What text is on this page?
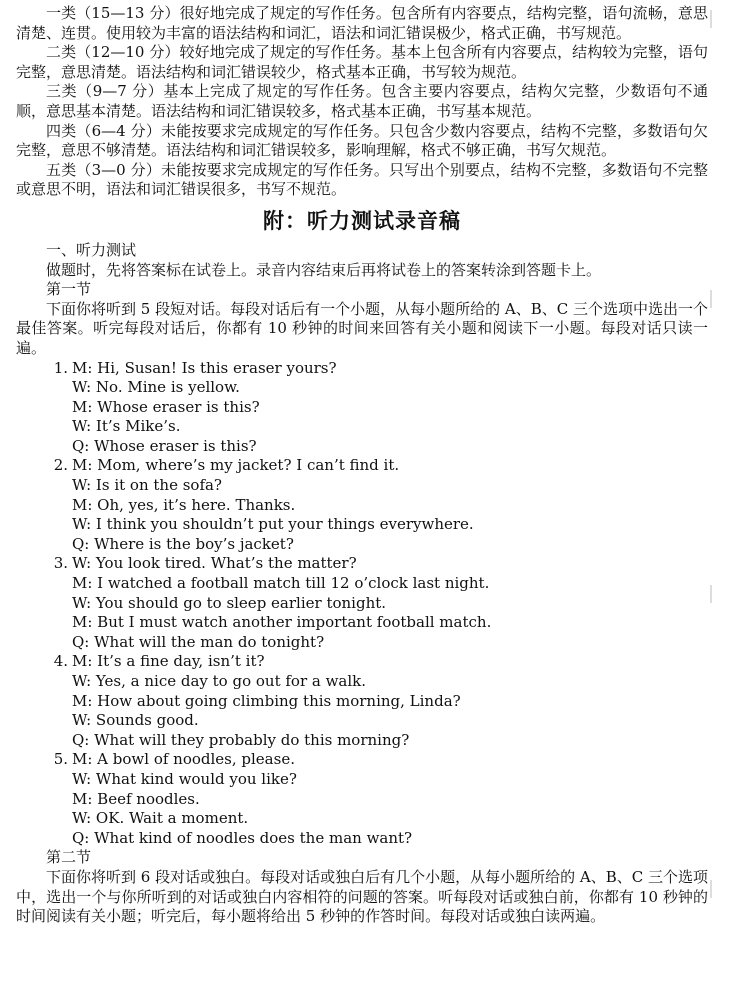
一类（15—13 分）很好地完成了规定的写作任务。包含所有内容要点，结构完整，语句流畅，意思清楚、连贯。使用较为丰富的语法结构和词汇，语法和词汇错误极少，格式正确，书写规范。

二类（12—10 分）较好地完成了规定的写作任务。基本上包含所有内容要点，结构较为完整，语句完整，意思清楚。语法结构和词汇错误较少，格式基本正确，书写较为规范。

三类（9—7 分）基本上完成了规定的写作任务。包含主要内容要点，结构欠完整，少数语句不通顺，意思基本清楚。语法结构和词汇错误较多，格式基本正确，书写基本规范。

四类（6—4 分）未能按要求完成规定的写作任务。只包含少数内容要点，结构不完整，多数语句欠完整，意思不够清楚。语法结构和词汇错误较多，影响理解，格式不够正确，书写欠规范。

五类（3—0 分）未能按要求完成规定的写作任务。只写出个别要点，结构不完整，多数语句不完整或意思不明，语法和词汇错误很多，书写不规范。

附：听力测试录音稿

一、听力测试

做题时，先将答案标在试卷上。录音内容结束后再将试卷上的答案转涂到答题卡上。

第一节

下面你将听到 5 段短对话。每段对话后有一个小题，从每小题所给的 A、B、C 三个选项中选出一个最佳答案。听完每段对话后，你都有 10 秒钟的时间来回答有关小题和阅读下一小题。每段对话只读一遍。

1. M: Hi, Susan! Is this eraser yours?
W: No. Mine is yellow.
M: Whose eraser is this?
W: It’s Mike’s.
Q: Whose eraser is this?
2. M: Mom, where’s my jacket? I can’t find it.
W: Is it on the sofa?
M: Oh, yes, it’s here. Thanks.
W: I think you shouldn’t put your things everywhere.
Q: Where is the boy’s jacket?
3. W: You look tired. What’s the matter?
M: I watched a football match till 12 o’clock last night.
W: You should go to sleep earlier tonight.
M: But I must watch another important football match.
Q: What will the man do tonight?
4. M: It’s a fine day, isn’t it?
W: Yes, a nice day to go out for a walk.
M: How about going climbing this morning, Linda?
W: Sounds good.
Q: What will they probably do this morning?
5. M: A bowl of noodles, please.
W: What kind would you like?
M: Beef noodles.
W: OK. Wait a moment.
Q: What kind of noodles does the man want?

第二节

下面你将听到 6 段对话或独白。每段对话或独白后有几个小题，从每小题所给的 A、B、C 三个选项中，选出一个与你所听到的对话或独白内容相符的问题的答案。听每段对话或独白前，你都有 10 秒钟的时间阅读有关小题；听完后，每小题将给出 5 秒钟的作答时间。每段对话或独白读两遍。
